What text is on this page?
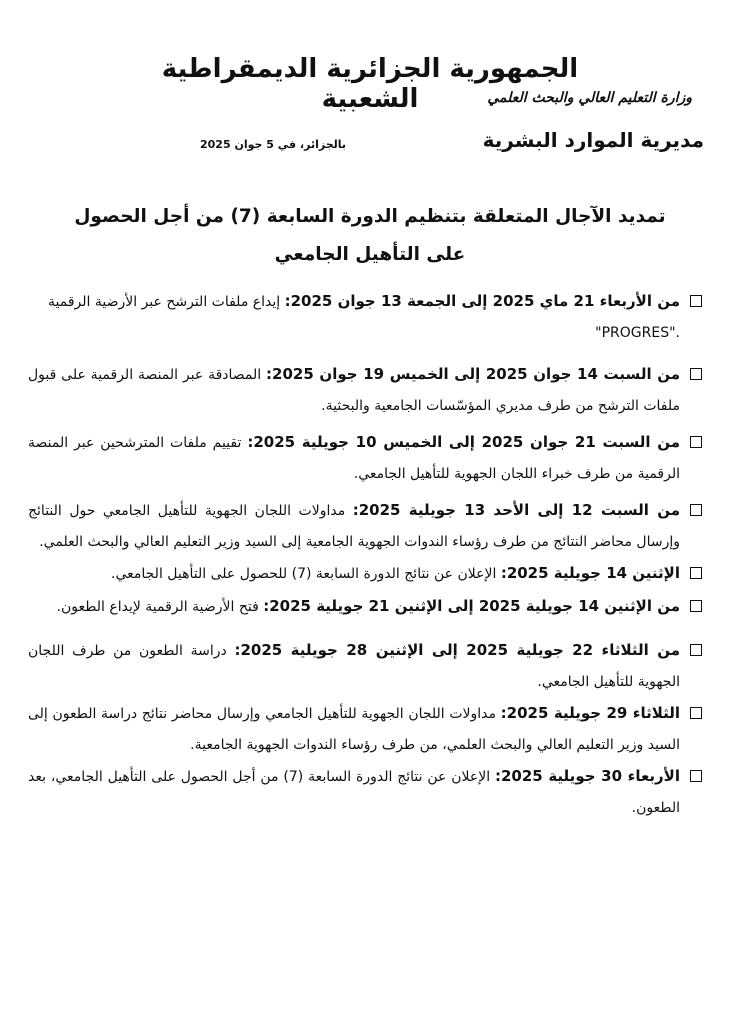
الجمهورية الجزائرية الديمقراطية الشعبية	وزارة التعليم العالي والبحث العلمي
مديرية الموارد البشرية
بالجزائر، في 5 جوان 2025
تمديد الآجال المتعلقة بتنظيم الدورة السابعة (7) من أجل الحصول
على التأهيل الجامعي
من الأربعاء 21 ماي 2025 إلى الجمعة 13 جوان 2025: إيداع ملفات الترشح عبر الأرضية الرقمية
"PROGRES".
من السبت 14 جوان 2025 إلى الخميس 19 جوان 2025: المصادقة عبر المنصة الرقمية على قبول ملفات الترشح من طرف مديري المؤسّسات الجامعية والبحثية.
من السبت 21 جوان 2025 إلى الخميس 10 جويلية 2025: تقييم ملفات المترشحين عبر المنصة الرقمية من طرف خبراء اللجان الجهوية للتأهيل الجامعي.
من السبت 12 إلى الأحد 13 جويلية 2025: مداولات اللجان الجهوية للتأهيل الجامعي حول النتائج وإرسال محاضر النتائج من طرف رؤساء الندوات الجهوية الجامعية إلى السيد وزير التعليم العالي والبحث العلمي.
الإثنين 14 جويلية 2025: الإعلان عن نتائج الدورة السابعة (7) للحصول على التأهيل الجامعي.
من الإثنين 14 جويلية 2025 إلى الإثنين 21 جويلية 2025: فتح الأرضية الرقمية لإيداع الطعون.
من الثلاثاء 22 جويلية 2025 إلى الإثنين 28 جويلية 2025: دراسة الطعون من طرف اللجان الجهوية للتأهيل الجامعي.
الثلاثاء 29 جويلية 2025: مداولات اللجان الجهوية للتأهيل الجامعي وإرسال محاضر نتائج دراسة الطعون إلى السيد وزير التعليم العالي والبحث العلمي، من طرف رؤساء الندوات الجهوية الجامعية.
الأربعاء 30 جويلية 2025: الإعلان عن نتائج الدورة السابعة (7) من أجل الحصول على التأهيل الجامعي، بعد الطعون.
